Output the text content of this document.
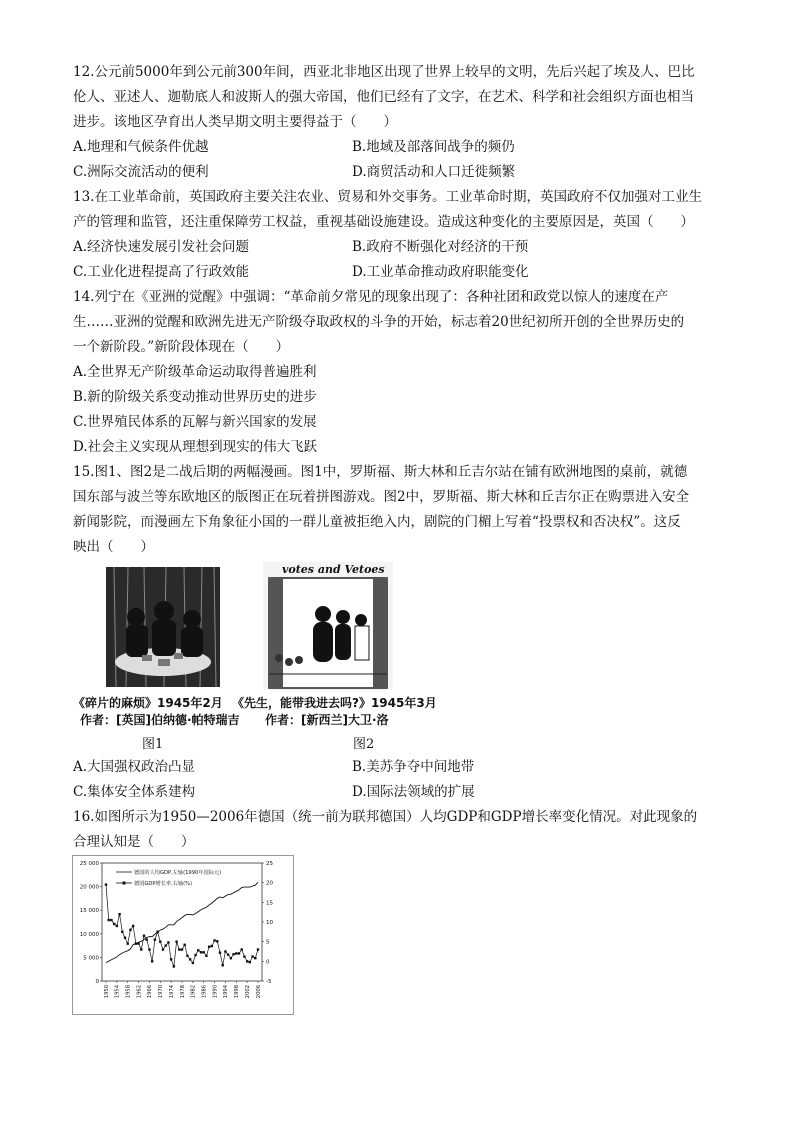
12.公元前5000年到公元前300年间，西亚北非地区出现了世界上较早的文明，先后兴起了埃及人、巴比
伦人、亚述人、迦勒底人和波斯人的强大帝国，他们已经有了文字，在艺术、科学和社会组织方面也相当
进步。该地区孕育出人类早期文明主要得益于（　　）
A.地理和气候条件优越	B.地域及部落间战争的频仍
C.洲际交流活动的便利	D.商贸活动和人口迁徙频繁
13.在工业革命前，英国政府主要关注农业、贸易和外交事务。工业革命时期，英国政府不仅加强对工业生
产的管理和监管，还注重保障劳工权益，重视基础设施建设。造成这种变化的主要原因是，英国（　　）
A.经济快速发展引发社会问题	B.政府不断强化对经济的干预
C.工业化进程提高了行政效能	D.工业革命推动政府职能变化
14.列宁在《亚洲的觉醒》中强调：“革命前夕常见的现象出现了：各种社团和政党以惊人的速度在产
生……亚洲的觉醒和欧洲先进无产阶级夺取政权的斗争的开始，标志着20世纪初所开创的全世界历史的
一个新阶段。”新阶段体现在（　　）
A.全世界无产阶级革命运动取得普遍胜利
B.新的阶级关系变动推动世界历史的进步
C.世界殖民体系的瓦解与新兴国家的发展
D.社会主义实现从理想到现实的伟大飞跃
15.图1、图2是二战后期的两幅漫画。图1中，罗斯福、斯大林和丘吉尔站在铺有欧洲地图的桌前，就德
国东部与波兰等东欧地区的版图正在玩着拼图游戏。图2中，罗斯福、斯大林和丘吉尔正在购票进入安全
新闻影院，而漫画左下角象征小国的一群儿童被拒绝入内，剧院的门楣上写着“投票权和否决权”。这反
映出（　　）
《碎片的麻烦》1945年2月
作者：[英国]伯纳德·帕特瑞吉
图1
votes and Vetoes
《先生，能带我进去吗?》1945年3月
作者：[新西兰]大卫·洛
图2
A.大国强权政治凸显	B.美苏争夺中间地带
C.集体安全体系建构	D.国际法领域的扩展
16.如图所示为1950—2006年德国（统一前为联邦德国）人均GDP和GDP增长率变化情况。对此现象的
合理认知是（　　）
25 000
20 000
15 000
10 000
5 000
0
25
20
15
10
5
0
-5
1950 1954 1958 1962 1966 1970 1974 1978 1982 1986 1990 1994 1998 2002 2006
德国的人均GDP,左轴(1990年国际元)
德国GDP增长率,右轴(%)
